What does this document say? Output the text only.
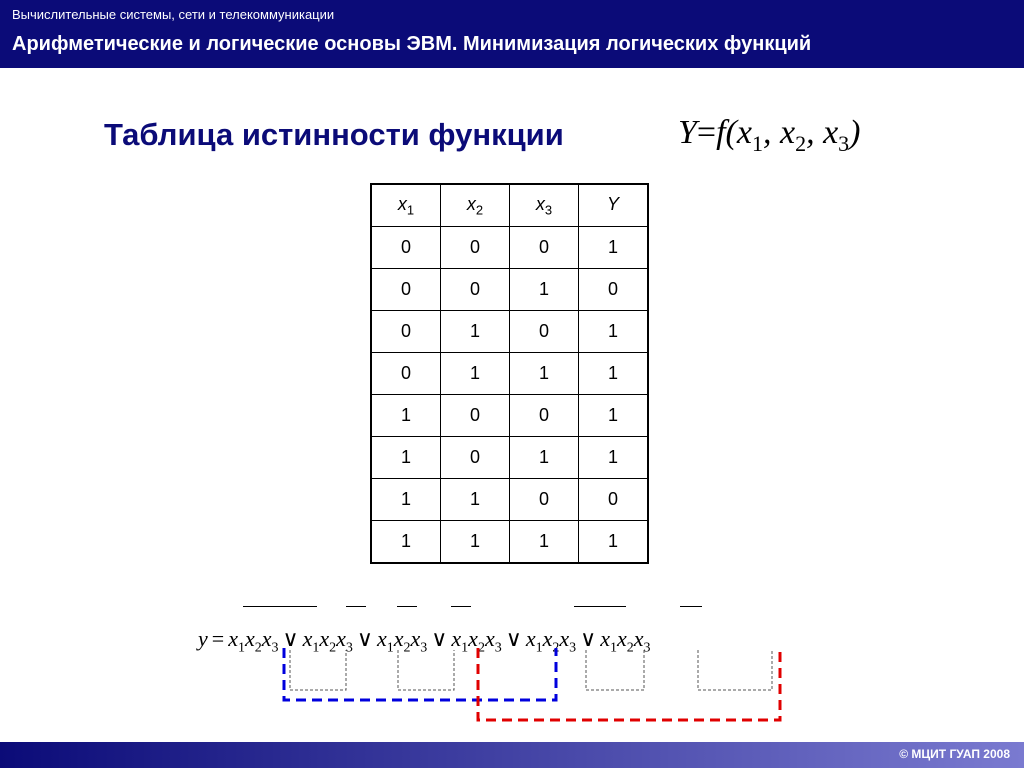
Вычислительные системы, сети и телекоммуникации
Арифметические и логические основы ЭВМ. Минимизация логических функций
Таблица истинности функции	$Y=f(x_1$, $x_2$, $x_3$)
$x_1$	$x_2$	$x_3$	Y
0	0	0	1
0	0	1	0
0	1	0	1
0	1	1	1
1	0	0	1
1	0	1	1
1	1	0	0
1	1	1	1
$y = x_1x_2x_3$ ∨ $x_1x_2x_3$ ∨ $x_1x_2x_3$ ∨ $x_1x_2x_3$ ∨ $x_1x_2x_3$ ∨ $x_1x_2x_3$
© МЦИТ ГУАП 2008
